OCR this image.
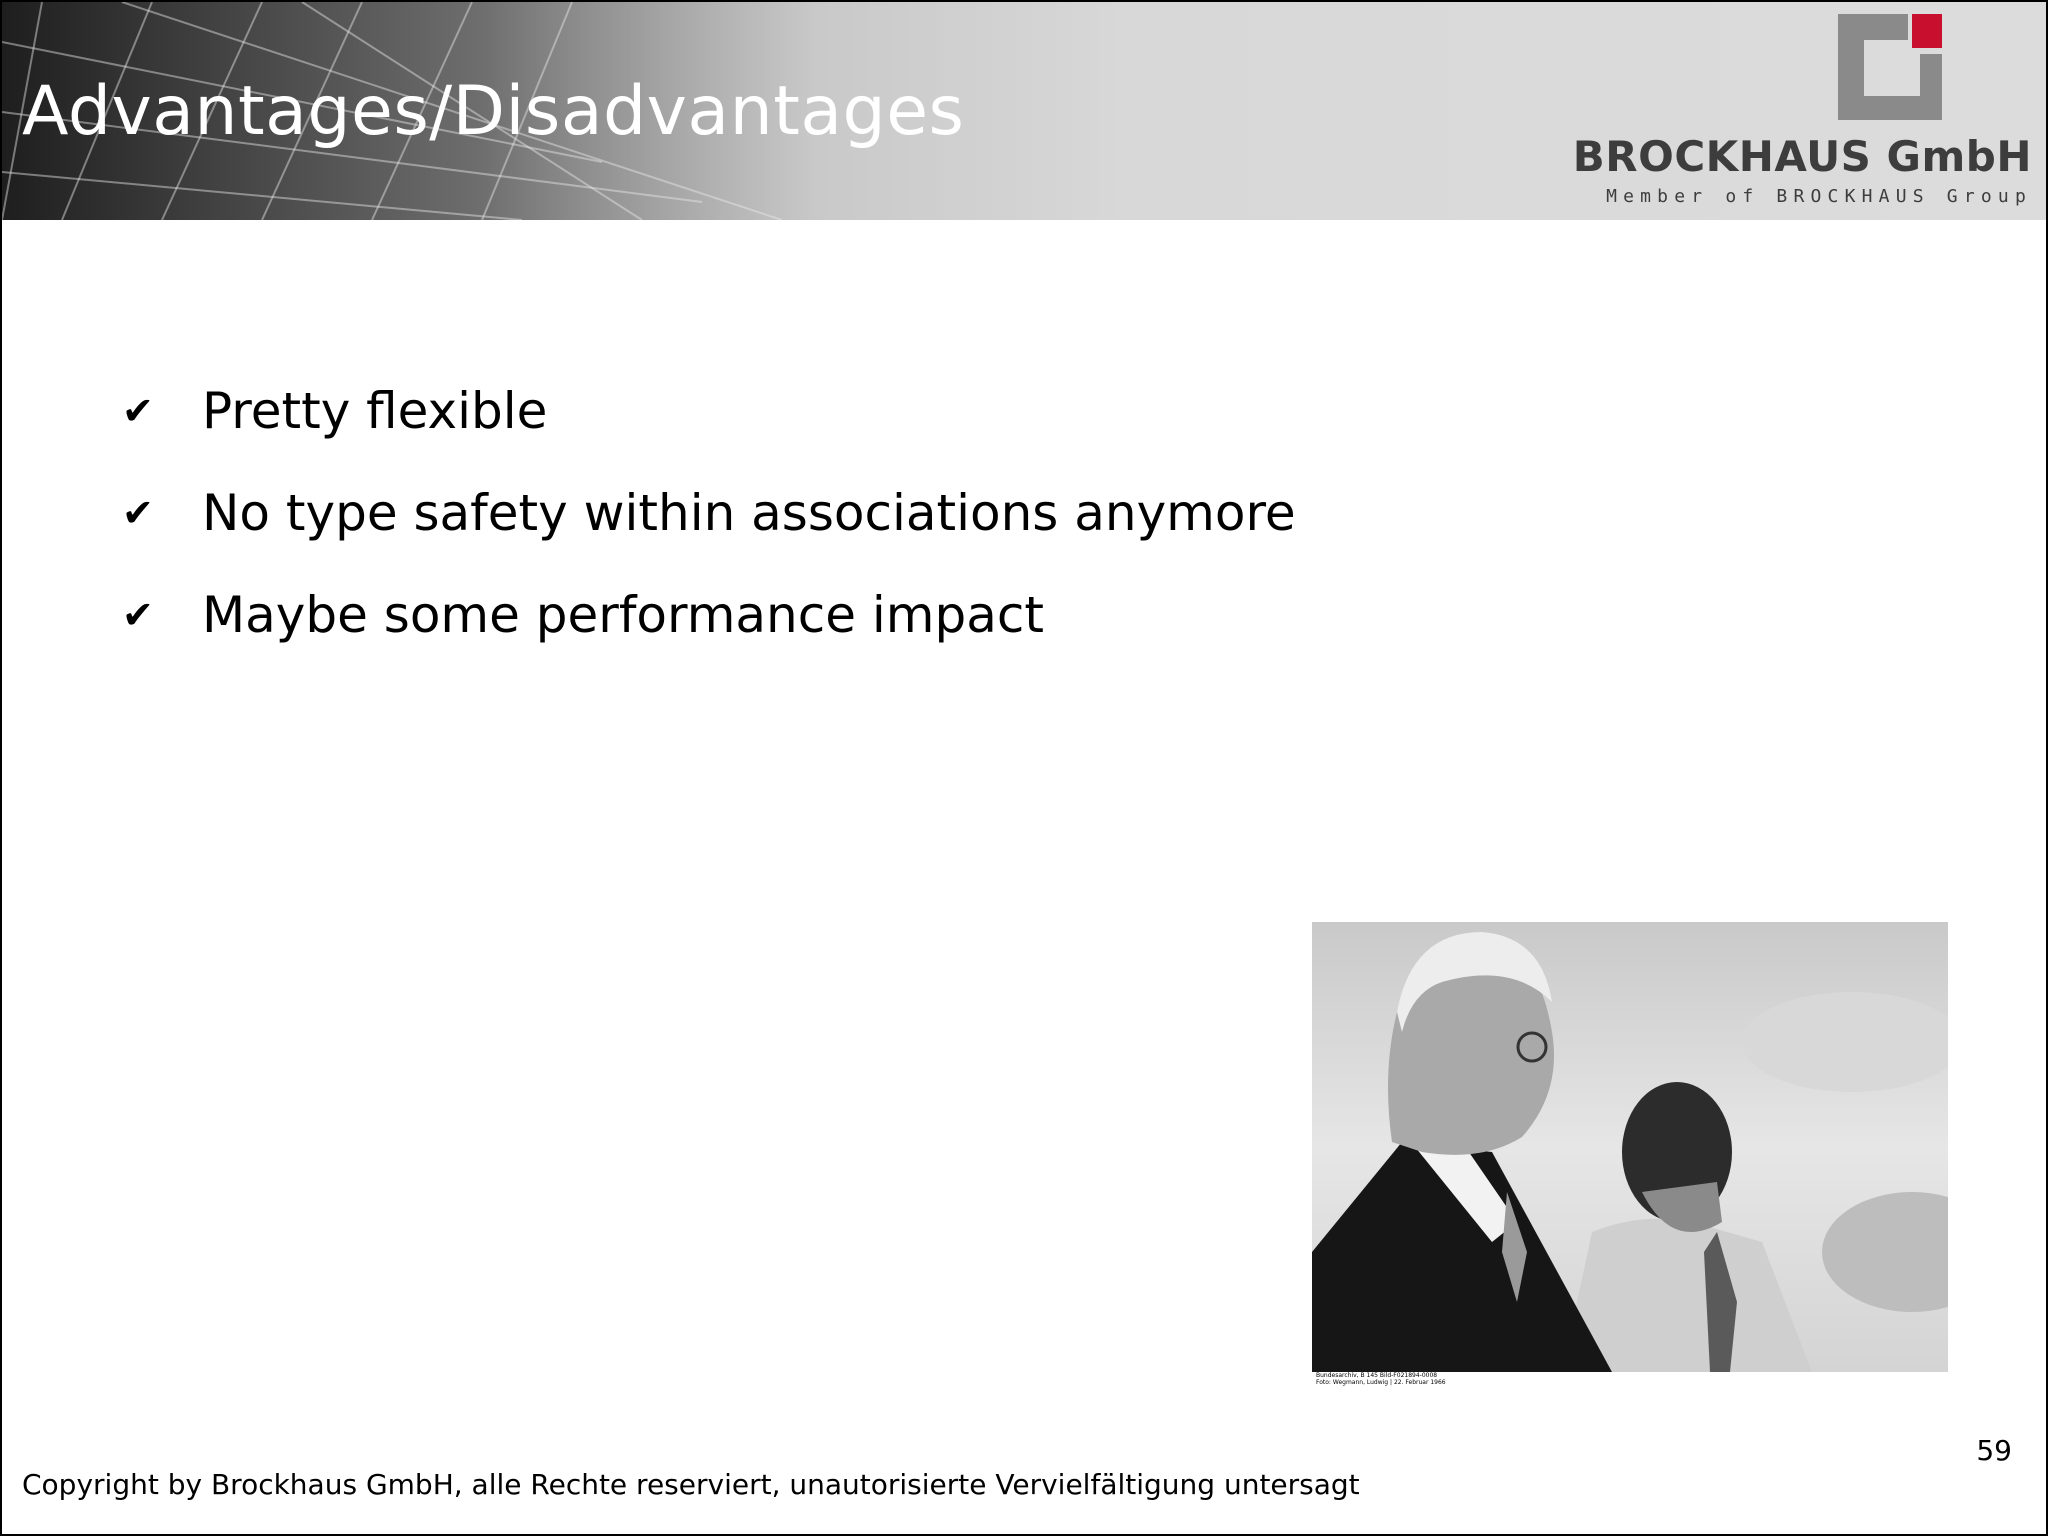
Advantages/Disadvantages
BROCKHAUS GmbH
Member of BROCKHAUS Group
✔ Pretty flexible
✔ No type safety within associations anymore
✔ Maybe some performance impact
Bundesarchiv, B 145 Bild-F021894-0008
Foto: Wegmann, Ludwig | 22. Februar 1966
59
Copyright by Brockhaus GmbH, alle Rechte reserviert, unautorisierte Vervielfältigung untersagt
